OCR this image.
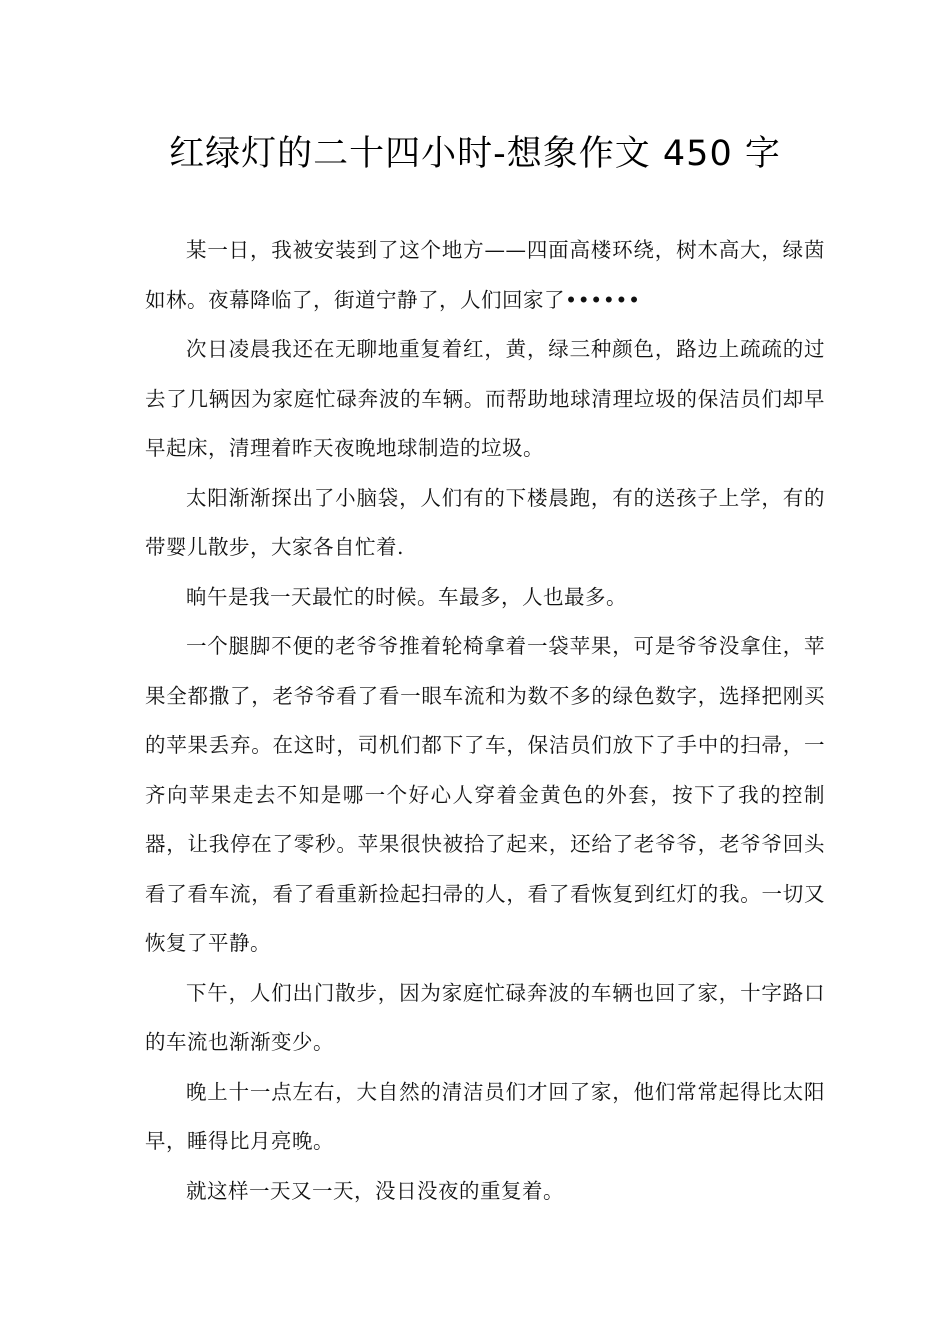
红绿灯的二十四小时-想象作文 450 字

某一日，我被安装到了这个地方——四面高楼环绕，树木高大，绿茵如林。夜幕降临了，街道宁静了，人们回家了••••••

次日凌晨我还在无聊地重复着红，黄，绿三种颜色，路边上疏疏的过去了几辆因为家庭忙碌奔波的车辆。而帮助地球清理垃圾的保洁员们却早早起床，清理着昨天夜晚地球制造的垃圾。

太阳渐渐探出了小脑袋，人们有的下楼晨跑，有的送孩子上学，有的带婴儿散步，大家各自忙着.

晌午是我一天最忙的时候。车最多，人也最多。

一个腿脚不便的老爷爷推着轮椅拿着一袋苹果，可是爷爷没拿住，苹果全都撒了，老爷爷看了看一眼车流和为数不多的绿色数字，选择把刚买的苹果丢弃。在这时，司机们都下了车，保洁员们放下了手中的扫帚，一齐向苹果走去不知是哪一个好心人穿着金黄色的外套，按下了我的控制器，让我停在了零秒。苹果很快被拾了起来，还给了老爷爷，老爷爷回头看了看车流，看了看重新捡起扫帚的人，看了看恢复到红灯的我。一切又恢复了平静。

下午，人们出门散步，因为家庭忙碌奔波的车辆也回了家，十字路口的车流也渐渐变少。

晚上十一点左右，大自然的清洁员们才回了家，他们常常起得比太阳早，睡得比月亮晚。

就这样一天又一天，没日没夜的重复着。
